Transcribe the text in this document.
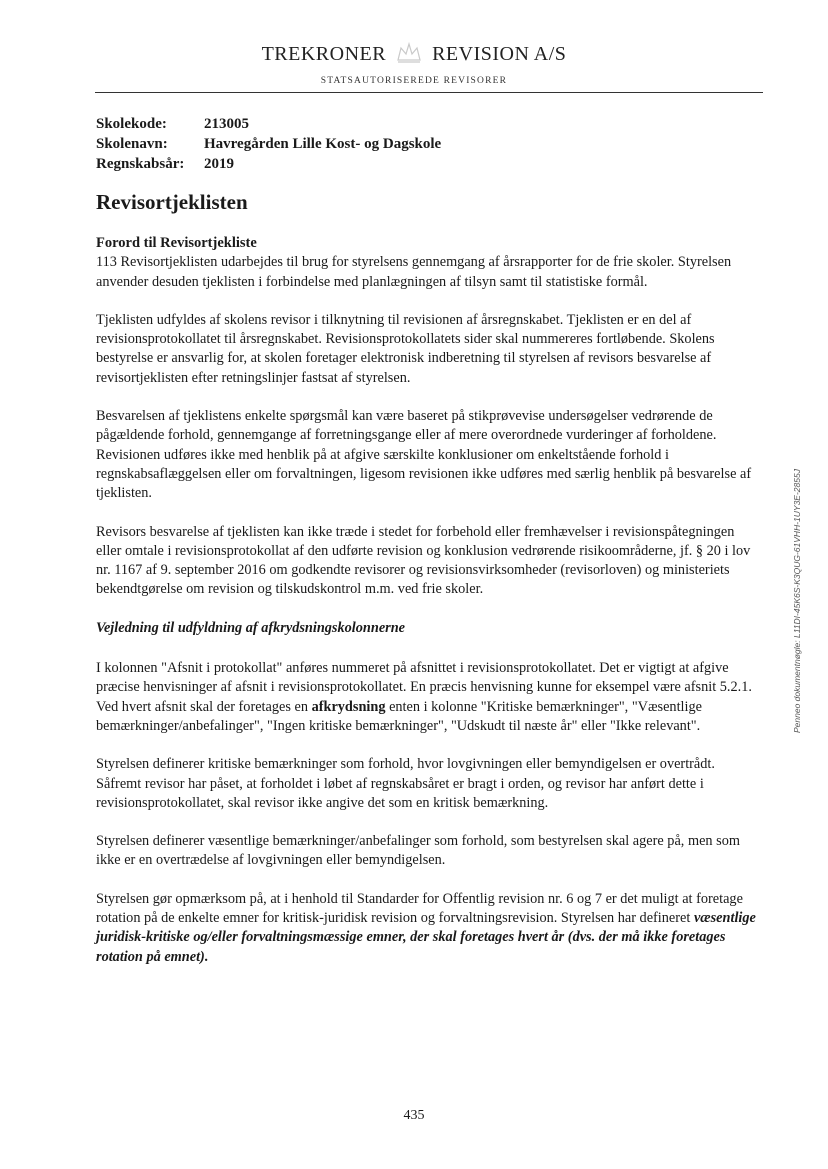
TREKRONER REVISION A/S
STATSAUTORISEREDE REVISORER
Skolekode:	213005
Skolenavn:	Havregården Lille Kost- og Dagskole
Regnskabsår:	2019
Revisortjeklisten

Forord til Revisortjekliste

113 Revisortjeklisten udarbejdes til brug for styrelsens gennemgang af årsrapporter for de frie skoler. Styrelsen anvender desuden tjeklisten i forbindelse med planlægningen af tilsyn samt til statistiske formål.

Tjeklisten udfyldes af skolens revisor i tilknytning til revisionen af årsregnskabet. Tjeklisten er en del af revisionsprotokollatet til årsregnskabet. Revisionsprotokollatets sider skal nummereres fortløbende. Skolens bestyrelse er ansvarlig for, at skolen foretager elektronisk indberetning til styrelsen af revisors besvarelse af revisortjeklisten efter retningslinjer fastsat af styrelsen.

Besvarelsen af tjeklistens enkelte spørgsmål kan være baseret på stikprøvevise undersøgelser vedrørende de pågældende forhold, gennemgange af forretningsgange eller af mere overordnede vurderinger af forholdene. Revisionen udføres ikke med henblik på at afgive særskilte konklusioner om enkeltstående forhold i regnskabsaflæggelsen eller om forvaltningen, ligesom revisionen ikke udføres med særlig henblik på besvarelse af tjeklisten.

Revisors besvarelse af tjeklisten kan ikke træde i stedet for forbehold eller fremhævelser i revisionspåtegningen eller omtale i revisionsprotokollat af den udførte revision og konklusion vedrørende risikoområderne, jf. § 20 i lov nr. 1167 af 9. september 2016 om godkendte revisorer og revisionsvirksomheder (revisorloven) og ministeriets bekendtgørelse om revision og tilskudskontrol m.m. ved frie skoler.

Vejledning til udfyldning af afkrydsningskolonnerne

I kolonnen "Afsnit i protokollat" anføres nummeret på afsnittet i revisionsprotokollatet. Det er vigtigt at afgive præcise henvisninger af afsnit i revisionsprotokollatet. En præcis henvisning kunne for eksempel være afsnit 5.2.1. Ved hvert afsnit skal der foretages en afkrydsning enten i kolonne "Kritiske bemærkninger", "Væsentlige bemærkninger/anbefalinger", "Ingen kritiske bemærkninger", "Udskudt til næste år" eller "Ikke relevant".

Styrelsen definerer kritiske bemærkninger som forhold, hvor lovgivningen eller bemyndigelsen er overtrådt. Såfremt revisor har påset, at forholdet i løbet af regnskabsåret er bragt i orden, og revisor har anført dette i revisionsprotokollatet, skal revisor ikke angive det som en kritisk bemærkning.

Styrelsen definerer væsentlige bemærkninger/anbefalinger som forhold, som bestyrelsen skal agere på, men som ikke er en overtrædelse af lovgivningen eller bemyndigelsen.

Styrelsen gør opmærksom på, at i henhold til Standarder for Offentlig revision nr. 6 og 7 er det muligt at foretage rotation på de enkelte emner for kritisk-juridisk revision og forvaltningsrevision. Styrelsen har defineret væsentlige juridisk-kritiske og/eller forvaltningsmæssige emner, der skal foretages hvert år (dvs. der må ikke foretages rotation på emnet).

Penneo dokumentnøgle: L11DI-45K6S-K3QUG-61VHH-1UY3E-2855J
435
